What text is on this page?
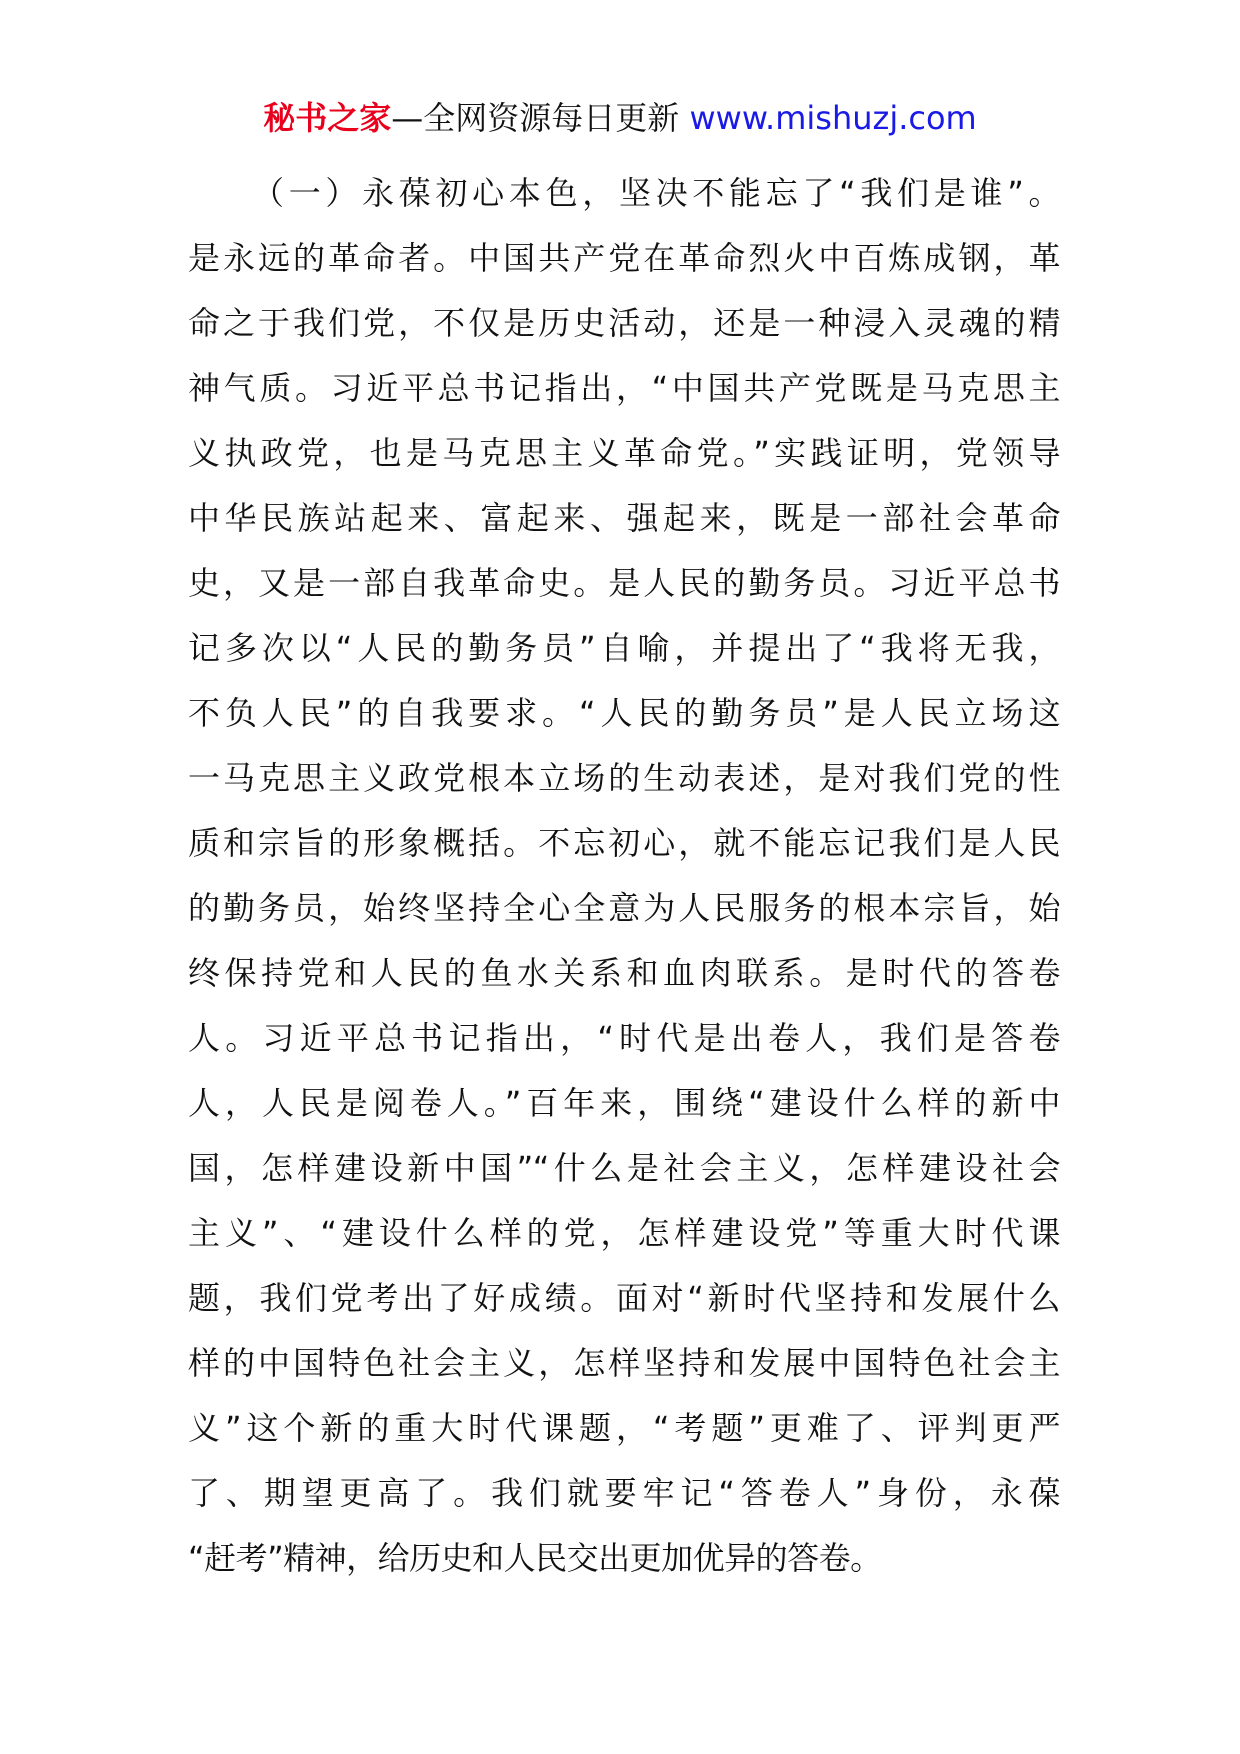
秘书之家—全网资源每日更新 www.mishuzj.com
（一）永葆初心本色，坚决不能忘了“我们是谁”。
是永远的革命者。中国共产党在革命烈火中百炼成钢，革
命之于我们党，不仅是历史活动，还是一种浸入灵魂的精
神气质。习近平总书记指出，“中国共产党既是马克思主
义执政党，也是马克思主义革命党。”实践证明，党领导
中华民族站起来、富起来、强起来，既是一部社会革命
史，又是一部自我革命史。是人民的勤务员。习近平总书
记多次以“人民的勤务员”自喻，并提出了“我将无我，
不负人民”的自我要求。“人民的勤务员”是人民立场这
一马克思主义政党根本立场的生动表述，是对我们党的性
质和宗旨的形象概括。不忘初心，就不能忘记我们是人民
的勤务员，始终坚持全心全意为人民服务的根本宗旨，始
终保持党和人民的鱼水关系和血肉联系。是时代的答卷
人。习近平总书记指出，“时代是出卷人，我们是答卷
人，人民是阅卷人。”百年来，围绕“建设什么样的新中
国，怎样建设新中国”“什么是社会主义，怎样建设社会
主义”、“建设什么样的党，怎样建设党”等重大时代课
题，我们党考出了好成绩。面对“新时代坚持和发展什么
样的中国特色社会主义，怎样坚持和发展中国特色社会主
义”这个新的重大时代课题，“考题”更难了、评判更严
了、期望更高了。我们就要牢记“答卷人”身份，永葆
“赶考”精神，给历史和人民交出更加优异的答卷。
